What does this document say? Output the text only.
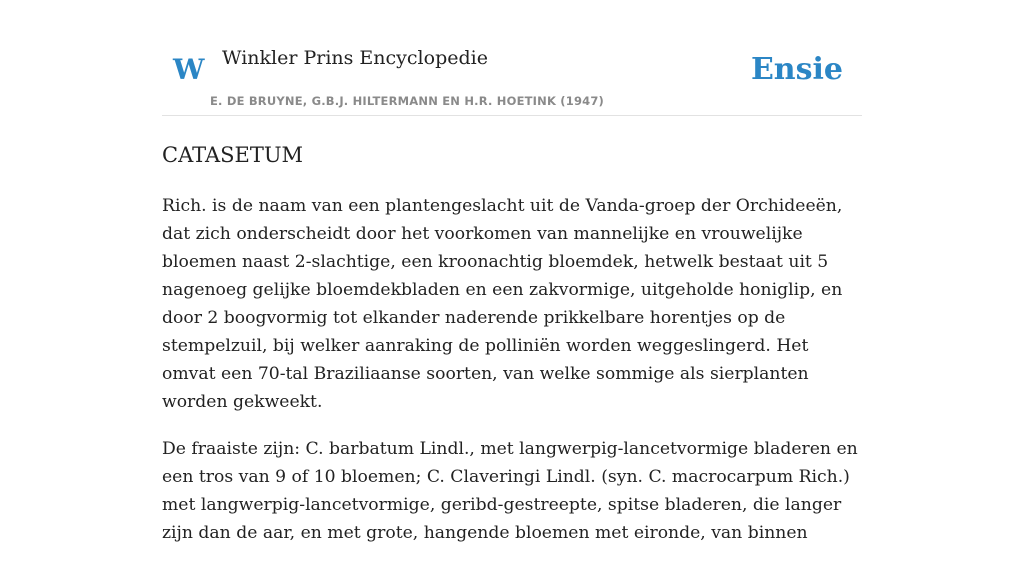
W Winkler Prins Encyclopedie
E. DE BRUYNE, G.B.J. HILTERMANN EN H.R. HOETINK (1947)
Ensie
CATASETUM

Rich. is de naam van een plantengeslacht uit de Vanda-groep der Orchideeën, dat zich onderscheidt door het voorkomen van mannelijke en vrouwelijke bloemen naast 2-slachtige, een kroonachtig bloemdek, hetwelk bestaat uit 5 nagenoeg gelijke bloemdekbladen en een zakvormige, uitgeholde honiglip, en door 2 boogvormig tot elkander naderende prikkelbare horentjes op de stempelzuil, bij welker aanraking de polliniën worden weggeslingerd. Het omvat een 70-tal Braziliaanse soorten, van welke sommige als sierplanten worden gekweekt.

De fraaiste zijn: C. barbatum Lindl., met langwerpig-lancetvormige bladeren en een tros van 9 of 10 bloemen; C. Claveringi Lindl. (syn. C. macrocarpum Rich.) met langwerpig-lancetvormige, geribd-gestreepte, spitse bladeren, die langer zijn dan de aar, en met grote, hangende bloemen met eironde, van binnen
